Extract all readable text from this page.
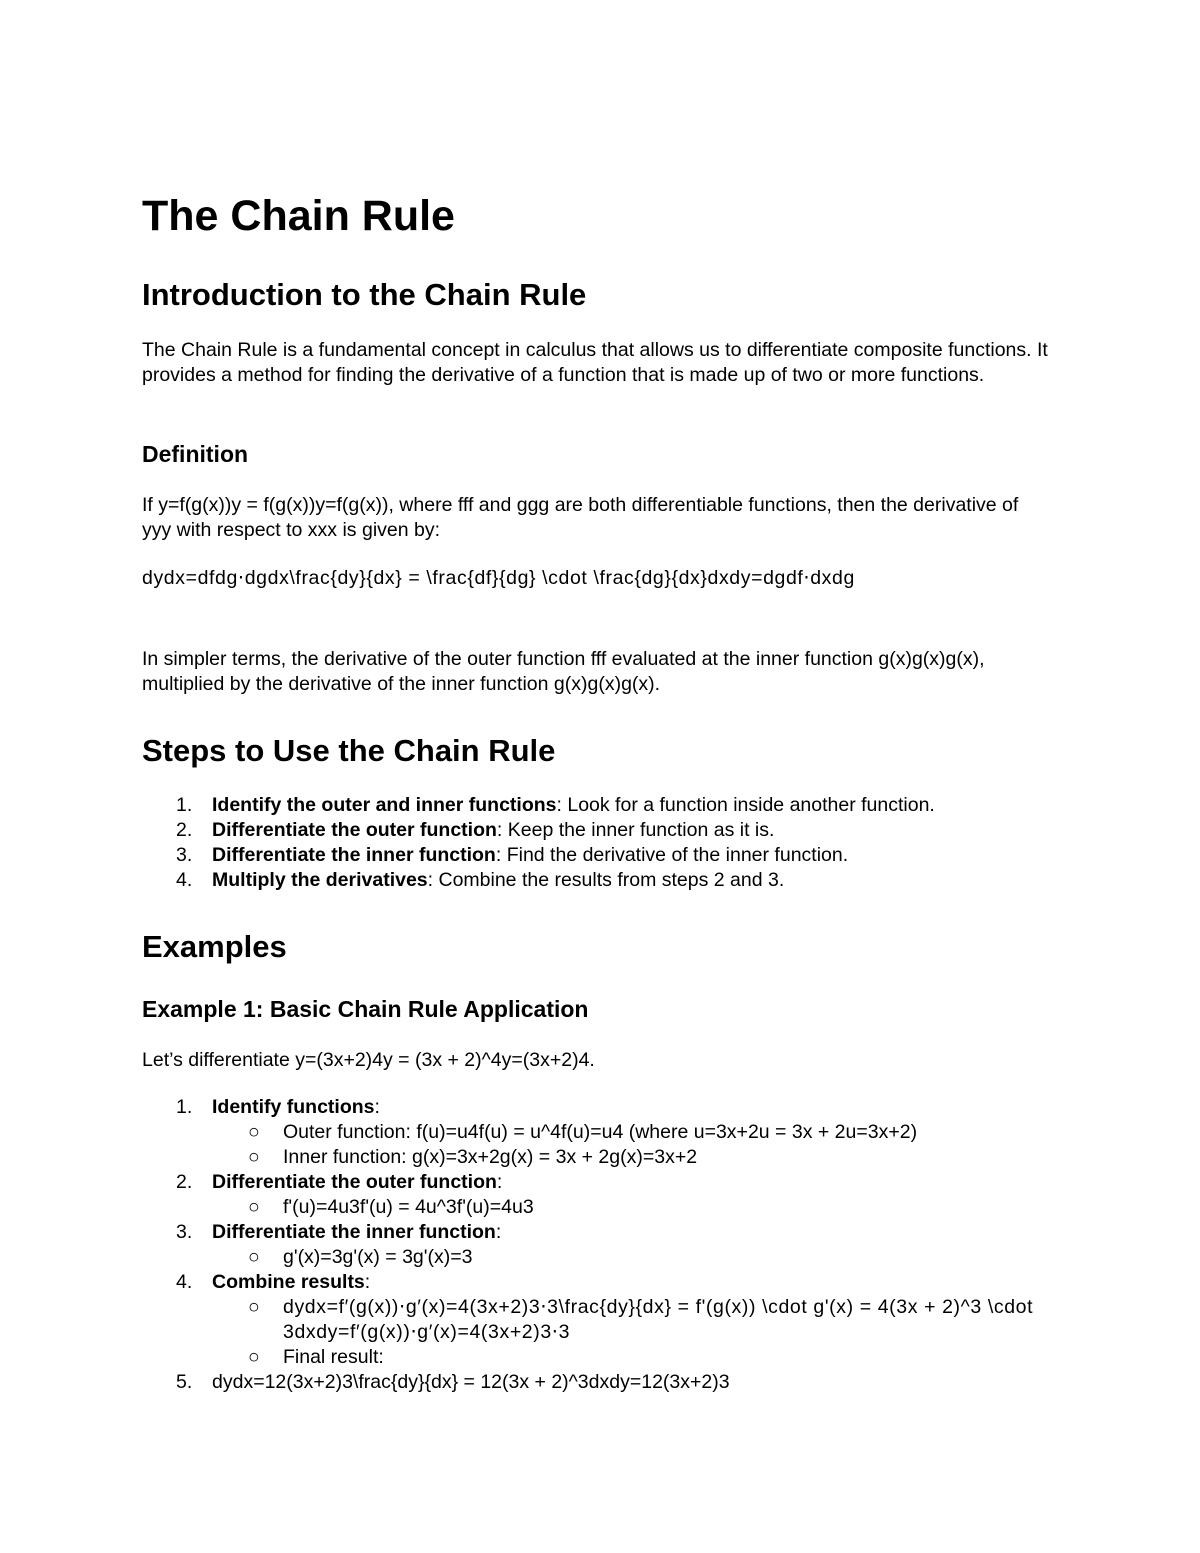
The Chain Rule
Introduction to the Chain Rule

The Chain Rule is a fundamental concept in calculus that allows us to differentiate composite functions. It provides a method for finding the derivative of a function that is made up of two or more functions.

Definition

If y=f(g(x))y = f(g(x))y=f(g(x)), where fff and ggg are both differentiable functions, then the derivative of yyy with respect to xxx is given by:

dydx=dfdg⋅dgdx\frac{dy}{dx} = \frac{df}{dg} \cdot \frac{dg}{dx}dxdy=dgdf⋅dxdg

In simpler terms, the derivative of the outer function fff evaluated at the inner function g(x)g(x)g(x), multiplied by the derivative of the inner function g(x)g(x)g(x).

Steps to Use the Chain Rule
1. Identify the outer and inner functions: Look for a function inside another function.
2. Differentiate the outer function: Keep the inner function as it is.
3. Differentiate the inner function: Find the derivative of the inner function.
4. Multiply the derivatives: Combine the results from steps 2 and 3.
Examples
Example 1: Basic Chain Rule Application

Let’s differentiate y=(3x+2)4y = (3x + 2)^4y=(3x+2)4.

1. Identify functions:
○ Outer function: f(u)=u4f(u) = u^4f(u)=u4 (where u=3x+2u = 3x + 2u=3x+2)
○ Inner function: g(x)=3x+2g(x) = 3x + 2g(x)=3x+2
2. Differentiate the outer function:
○ f'(u)=4u3f'(u) = 4u^3f'(u)=4u3
3. Differentiate the inner function:
○ g'(x)=3g'(x) = 3g'(x)=3
4. Combine results:
○ dydx=f′(g(x))⋅g′(x)=4(3x+2)3⋅3\frac{dy}{dx} = f'(g(x)) \cdot g'(x) = 4(3x + 2)^3 \cdot 3dxdy=f′(g(x))⋅g′(x)=4(3x+2)3⋅3
○ Final result:
5. dydx=12(3x+2)3\frac{dy}{dx} = 12(3x + 2)^3dxdy=12(3x+2)3
